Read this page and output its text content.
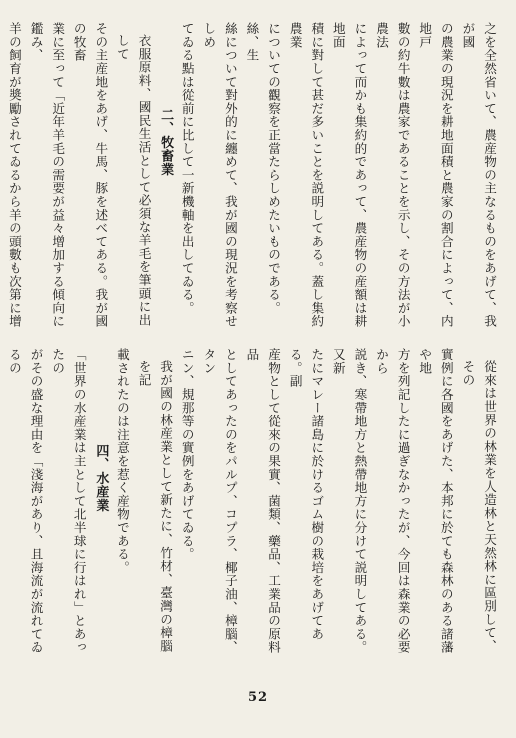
之を全然省いて、農産物の主なるものをあげて、我が國
の農業の現況を耕地面積と農家の割合によって、内地戸
數の約牛數は農家であることを示し、その方法が小農法
によって而かも集約的であって、農産物の産額は耕地面
積に對して甚だ多いことを説明してある。蓋し集約農業
についての觀察を正當たらしめたいものである。絲、生
絲について對外的に纏めて、我が國の現況を考察せしめ
てゐる點は從前に比して一新機軸を出してゐる。
二、牧畜業
衣服原料、國民生活として必須な羊毛を筆頭に出して
その主産地をあげ、牛馬、豚を述べてある。我が國の牧畜
業に至って「近年羊毛の需要が益々增加する傾向に鑑み、
羊の飼育が奬勵されてゐるから羊の頭數も次第に增
從來は世界の林業を人造林と天然林に區別して、その
實例に各國をあげた、本邦に於ても森林のある諸藩や地
方を列記したに過ぎなかったが、今回は森業の必要から
説き、寒帶地方と熱帶地方に分けて説明してある。又新
たにマレー諸島に於けるゴム樹の栽培をあげてある。副
産物として從來の果實、菌類、藥品、工業品の原料品
としてあったのをパルプ、コプラ、椰子油、樟腦、タン
ニン、規那等の實例をあげてゐる。
我が國の林産業として新たに、竹材、臺灣の樟腦を記
載されたのは注意を惹く産物である。
四、水産業
「世界の水産業は主として北半球に行はれ」とあったの
がその盛な理由を「淺海があり、且海流が流れてゐるの
52
